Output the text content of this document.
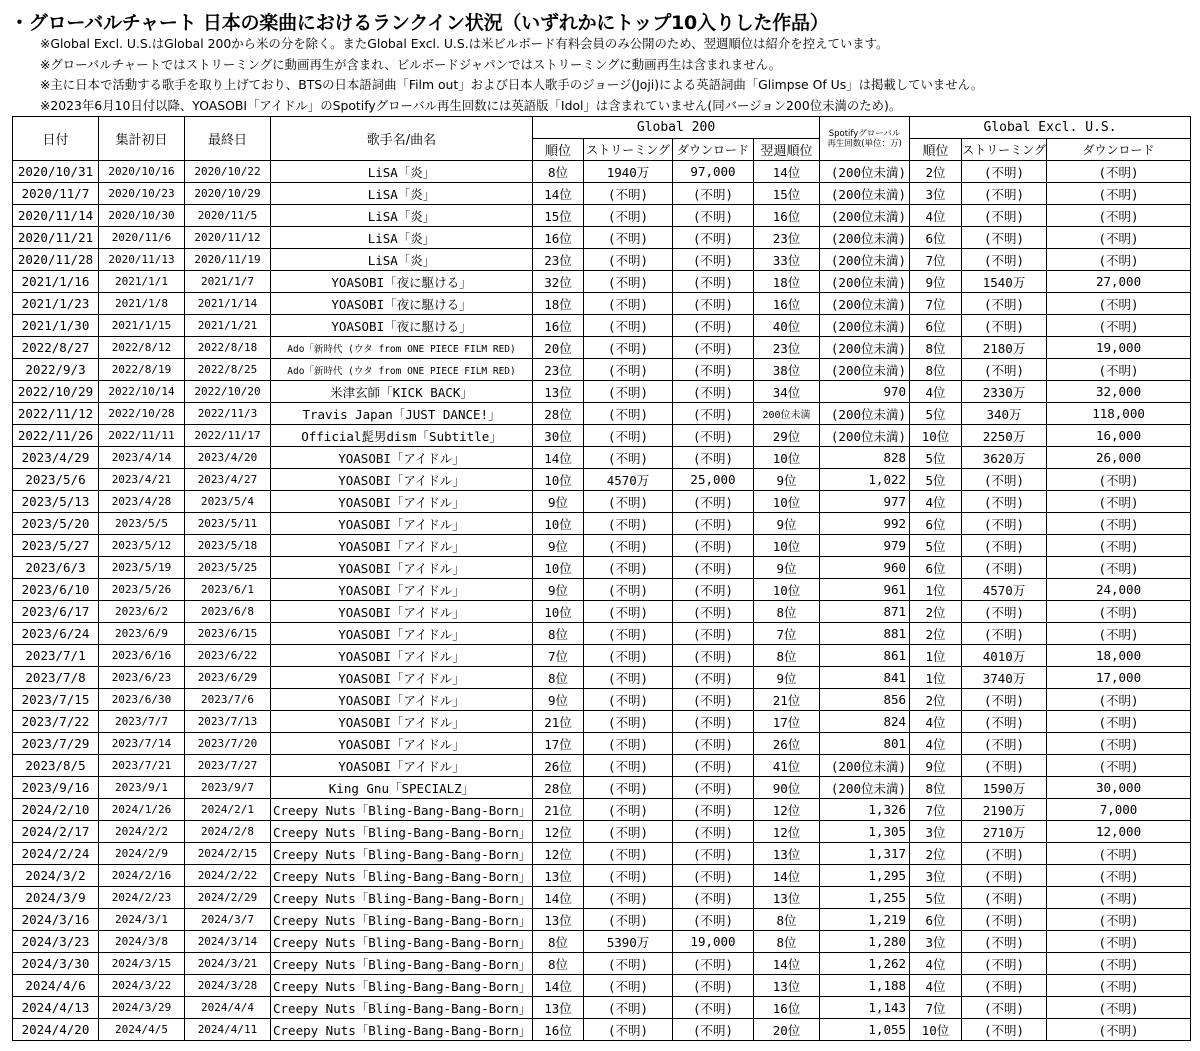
・グローバルチャート 日本の楽曲におけるランクイン状況（いずれかにトップ10入りした作品）
※Global Excl. U.S.はGlobal 200から米の分を除く。またGlobal Excl. U.S.は米ビルボード有料会員のみ公開のため、翌週順位は紹介を控えています。
※グローバルチャートではストリーミングに動画再生が含まれ、ビルボードジャパンではストリーミングに動画再生は含まれません。
※主に日本で活動する歌手を取り上げており、BTSの日本語詞曲「Film out」および日本人歌手のジョージ(Joji)による英語詞曲「Glimpse Of Us」は掲載していません。
※2023年6月10日付以降、YOASOBI「アイドル」のSpotifyグローバル再生回数には英語版「Idol」は含まれていません(同バージョン200位未満のため)。
日付	集計初日	最終日	歌手名/曲名	Global 200				Spotifyグローバル
再生回数(単位：万)	Global Excl. U.S.		
				順位	ストリーミング	ダウンロード	翌週順位		順位	ストリーミング	ダウンロード
2020/10/31	2020/10/16	2020/10/22	LiSA「炎」	8位	1940万	97,000	14位	(200位未満)	2位	(不明)	(不明)
2020/11/7	2020/10/23	2020/10/29	LiSA「炎」	14位	(不明)	(不明)	15位	(200位未満)	3位	(不明)	(不明)
2020/11/14	2020/10/30	2020/11/5	LiSA「炎」	15位	(不明)	(不明)	16位	(200位未満)	4位	(不明)	(不明)
2020/11/21	2020/11/6	2020/11/12	LiSA「炎」	16位	(不明)	(不明)	23位	(200位未満)	6位	(不明)	(不明)
2020/11/28	2020/11/13	2020/11/19	LiSA「炎」	23位	(不明)	(不明)	33位	(200位未満)	7位	(不明)	(不明)
2021/1/16	2021/1/1	2021/1/7	YOASOBI「夜に駆ける」	32位	(不明)	(不明)	18位	(200位未満)	9位	1540万	27,000
2021/1/23	2021/1/8	2021/1/14	YOASOBI「夜に駆ける」	18位	(不明)	(不明)	16位	(200位未満)	7位	(不明)	(不明)
2021/1/30	2021/1/15	2021/1/21	YOASOBI「夜に駆ける」	16位	(不明)	(不明)	40位	(200位未満)	6位	(不明)	(不明)
2022/8/27	2022/8/12	2022/8/18	Ado「新時代 (ウタ from ONE PIECE FILM RED)	20位	(不明)	(不明)	23位	(200位未満)	8位	2180万	19,000
2022/9/3	2022/8/19	2022/8/25	Ado「新時代 (ウタ from ONE PIECE FILM RED)	23位	(不明)	(不明)	38位	(200位未満)	8位	(不明)	(不明)
2022/10/29	2022/10/14	2022/10/20	米津玄師「KICK BACK」	13位	(不明)	(不明)	34位	970	4位	2330万	32,000
2022/11/12	2022/10/28	2022/11/3	Travis Japan「JUST DANCE!」	28位	(不明)	(不明)	200位未満	(200位未満)	5位	340万	118,000
2022/11/26	2022/11/11	2022/11/17	Official髭男dism「Subtitle」	30位	(不明)	(不明)	29位	(200位未満)	10位	2250万	16,000
2023/4/29	2023/4/14	2023/4/20	YOASOBI「アイドル」	14位	(不明)	(不明)	10位	828	5位	3620万	26,000
2023/5/6	2023/4/21	2023/4/27	YOASOBI「アイドル」	10位	4570万	25,000	9位	1,022	5位	(不明)	(不明)
2023/5/13	2023/4/28	2023/5/4	YOASOBI「アイドル」	9位	(不明)	(不明)	10位	977	4位	(不明)	(不明)
2023/5/20	2023/5/5	2023/5/11	YOASOBI「アイドル」	10位	(不明)	(不明)	9位	992	6位	(不明)	(不明)
2023/5/27	2023/5/12	2023/5/18	YOASOBI「アイドル」	9位	(不明)	(不明)	10位	979	5位	(不明)	(不明)
2023/6/3	2023/5/19	2023/5/25	YOASOBI「アイドル」	10位	(不明)	(不明)	9位	960	6位	(不明)	(不明)
2023/6/10	2023/5/26	2023/6/1	YOASOBI「アイドル」	9位	(不明)	(不明)	10位	961	1位	4570万	24,000
2023/6/17	2023/6/2	2023/6/8	YOASOBI「アイドル」	10位	(不明)	(不明)	8位	871	2位	(不明)	(不明)
2023/6/24	2023/6/9	2023/6/15	YOASOBI「アイドル」	8位	(不明)	(不明)	7位	881	2位	(不明)	(不明)
2023/7/1	2023/6/16	2023/6/22	YOASOBI「アイドル」	7位	(不明)	(不明)	8位	861	1位	4010万	18,000
2023/7/8	2023/6/23	2023/6/29	YOASOBI「アイドル」	8位	(不明)	(不明)	9位	841	1位	3740万	17,000
2023/7/15	2023/6/30	2023/7/6	YOASOBI「アイドル」	9位	(不明)	(不明)	21位	856	2位	(不明)	(不明)
2023/7/22	2023/7/7	2023/7/13	YOASOBI「アイドル」	21位	(不明)	(不明)	17位	824	4位	(不明)	(不明)
2023/7/29	2023/7/14	2023/7/20	YOASOBI「アイドル」	17位	(不明)	(不明)	26位	801	4位	(不明)	(不明)
2023/8/5	2023/7/21	2023/7/27	YOASOBI「アイドル」	26位	(不明)	(不明)	41位	(200位未満)	9位	(不明)	(不明)
2023/9/16	2023/9/1	2023/9/7	King Gnu「SPECIALZ」	28位	(不明)	(不明)	90位	(200位未満)	8位	1590万	30,000
2024/2/10	2024/1/26	2024/2/1	Creepy Nuts「Bling-Bang-Bang-Born」	21位	(不明)	(不明)	12位	1,326	7位	2190万	7,000
2024/2/17	2024/2/2	2024/2/8	Creepy Nuts「Bling-Bang-Bang-Born」	12位	(不明)	(不明)	12位	1,305	3位	2710万	12,000
2024/2/24	2024/2/9	2024/2/15	Creepy Nuts「Bling-Bang-Bang-Born」	12位	(不明)	(不明)	13位	1,317	2位	(不明)	(不明)
2024/3/2	2024/2/16	2024/2/22	Creepy Nuts「Bling-Bang-Bang-Born」	13位	(不明)	(不明)	14位	1,295	3位	(不明)	(不明)
2024/3/9	2024/2/23	2024/2/29	Creepy Nuts「Bling-Bang-Bang-Born」	14位	(不明)	(不明)	13位	1,255	5位	(不明)	(不明)
2024/3/16	2024/3/1	2024/3/7	Creepy Nuts「Bling-Bang-Bang-Born」	13位	(不明)	(不明)	8位	1,219	6位	(不明)	(不明)
2024/3/23	2024/3/8	2024/3/14	Creepy Nuts「Bling-Bang-Bang-Born」	8位	5390万	19,000	8位	1,280	3位	(不明)	(不明)
2024/3/30	2024/3/15	2024/3/21	Creepy Nuts「Bling-Bang-Bang-Born」	8位	(不明)	(不明)	14位	1,262	4位	(不明)	(不明)
2024/4/6	2024/3/22	2024/3/28	Creepy Nuts「Bling-Bang-Bang-Born」	14位	(不明)	(不明)	13位	1,188	4位	(不明)	(不明)
2024/4/13	2024/3/29	2024/4/4	Creepy Nuts「Bling-Bang-Bang-Born」	13位	(不明)	(不明)	16位	1,143	7位	(不明)	(不明)
2024/4/20	2024/4/5	2024/4/11	Creepy Nuts「Bling-Bang-Bang-Born」	16位	(不明)	(不明)	20位	1,055	10位	(不明)	(不明)
